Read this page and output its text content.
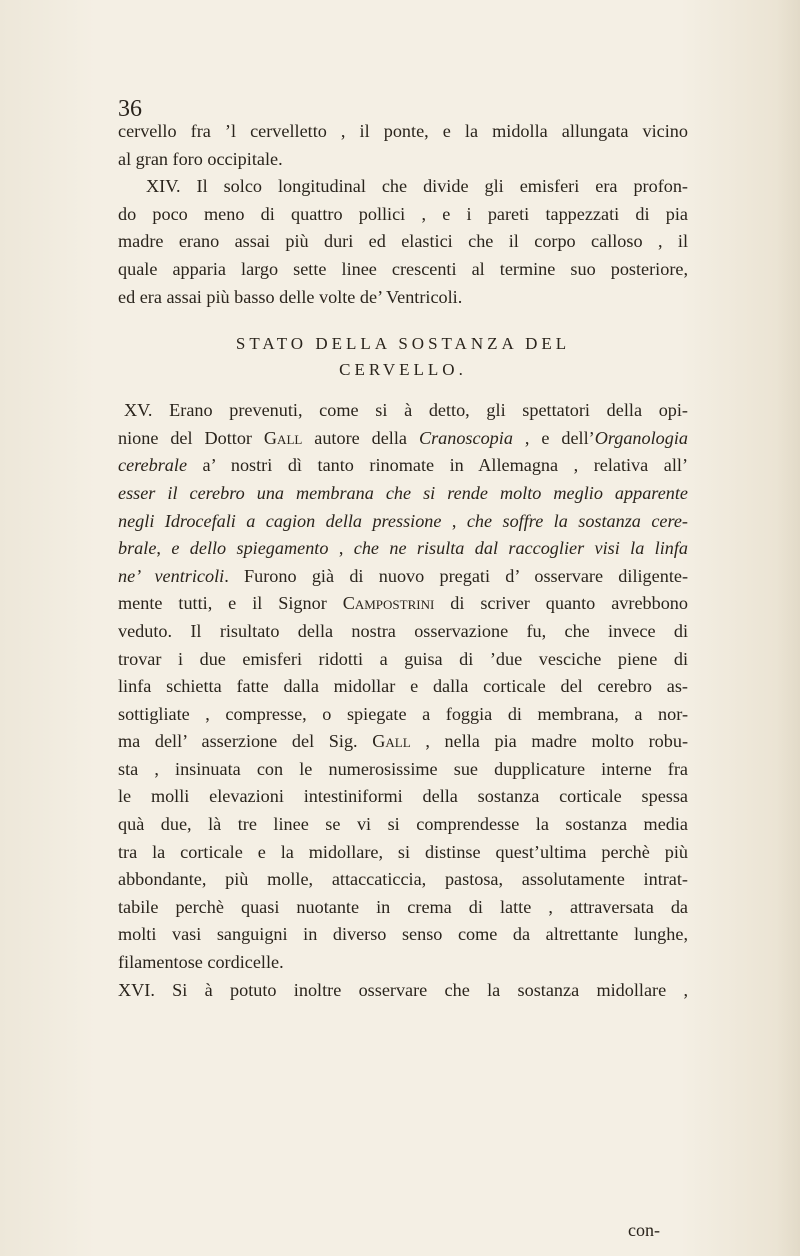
36

cervello fra ’l cervelletto , il ponte, e la midolla allungata vicino
al gran foro occipitale.

XIV. Il solco longitudinal che divide gli emisferi era profon-
do poco meno di quattro pollici , e i pareti tappezzati di pia
madre erano assai più duri ed elastici che il corpo calloso , il
quale apparia largo sette linee crescenti al termine suo posteriore,
ed era assai più basso delle volte de’ Ventricoli.

STATO DELLA SOSTANZA DEL
CERVELLO.

XV. Erano prevenuti, come si à detto, gli spettatori della opi-
nione del Dottor Gall autore della Cranoscopia , e dell’Organologia
cerebrale a’ nostri dì tanto rinomate in Allemagna , relativa all’
esser il cerebro una membrana che si rende molto meglio apparente
negli Idrocefali a cagion della pressione , che soffre la sostanza cere-
brale, e dello spiegamento , che ne risulta dal raccoglier visi la linfa
ne’ ventricoli. Furono già di nuovo pregati d’ osservare diligente-
mente tutti, e il Signor Campostrini di scriver quanto avrebbono
veduto. Il risultato della nostra osservazione fu, che invece di
trovar i due emisferi ridotti a guisa di ’due vesciche piene di
linfa schietta fatte dalla midollar e dalla corticale del cerebro as-
sottigliate , compresse, o spiegate a foggia di membrana, a nor-
ma dell’ asserzione del Sig. Gall , nella pia madre molto robu-
sta , insinuata con le numerosissime sue dupplicature interne fra
le molli elevazioni intestiniformi della sostanza corticale spessa
quà due, là tre linee se vi si comprendesse la sostanza media
tra la corticale e la midollare, si distinse quest’ultima perchè più
abbondante, più molle, attaccaticcia, pastosa, assolutamente intrat-
tabile perchè quasi nuotante in crema di latte , attraversata da
molti vasi sanguigni in diverso senso come da altrettante lunghe,
filamentose cordicelle.

XVI. Si à potuto inoltre osservare che la sostanza midollare ,

con-
